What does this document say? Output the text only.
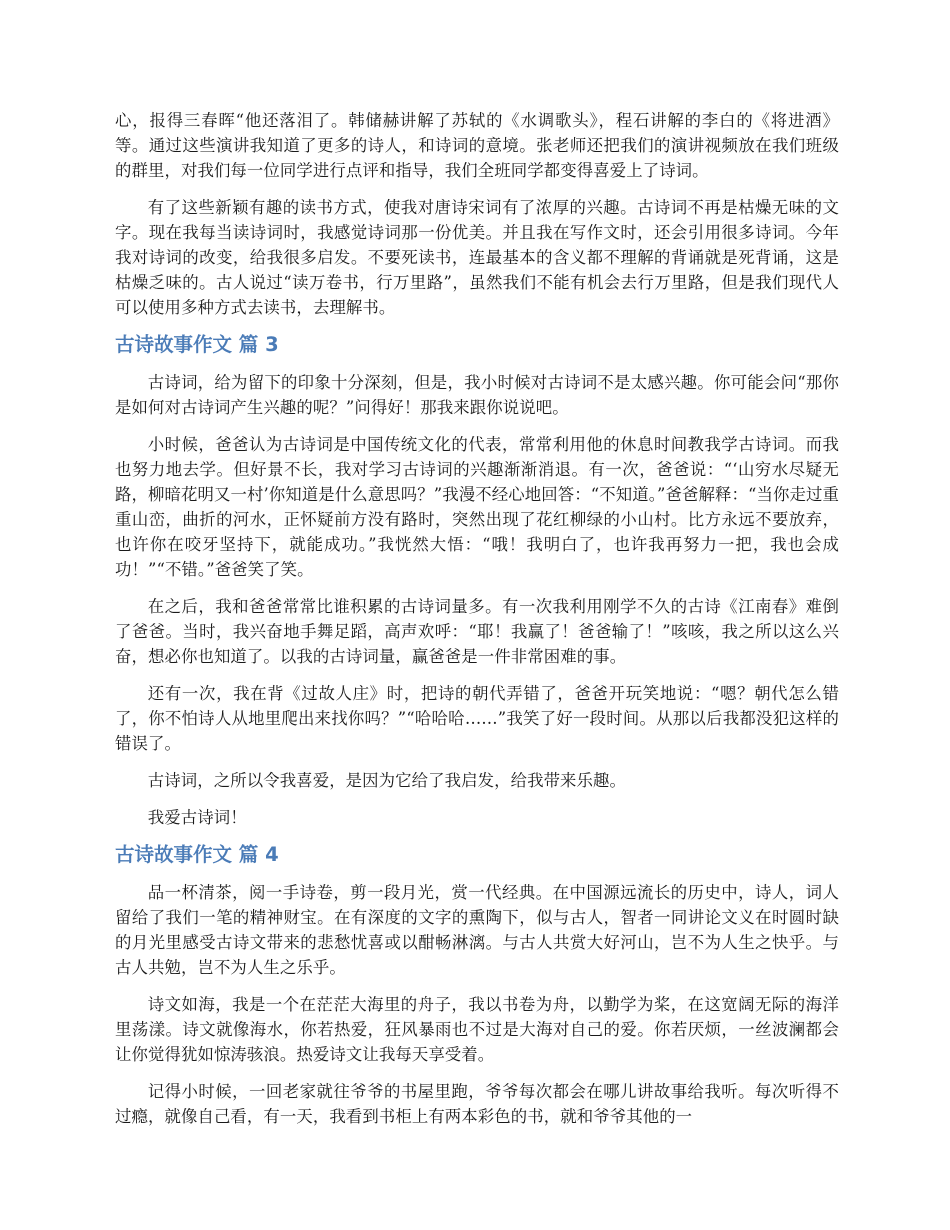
心，报得三春晖“他还落泪了。韩储赫讲解了苏轼的《水调歌头》，程石讲解的李白的《将进酒》等。通过这些演讲我知道了更多的诗人，和诗词的意境。张老师还把我们的演讲视频放在我们班级的群里，对我们每一位同学进行点评和指导，我们全班同学都变得喜爱上了诗词。

有了这些新颖有趣的读书方式，使我对唐诗宋词有了浓厚的兴趣。古诗词不再是枯燥无味的文字。现在我每当读诗词时，我感觉诗词那一份优美。并且我在写作文时，还会引用很多诗词。今年我对诗词的改变，给我很多启发。不要死读书，连最基本的含义都不理解的背诵就是死背诵，这是枯燥乏味的。古人说过“读万卷书，行万里路”，虽然我们不能有机会去行万里路，但是我们现代人可以使用多种方式去读书，去理解书。

古诗故事作文 篇 3

古诗词，给为留下的印象十分深刻，但是，我小时候对古诗词不是太感兴趣。你可能会问“那你是如何对古诗词产生兴趣的呢？”问得好！那我来跟你说说吧。

小时候，爸爸认为古诗词是中国传统文化的代表，常常利用他的休息时间教我学古诗词。而我也努力地去学。但好景不长，我对学习古诗词的兴趣渐渐消退。有一次，爸爸说：“‘山穷水尽疑无路，柳暗花明又一村’你知道是什么意思吗？”我漫不经心地回答：“不知道。”爸爸解释：“当你走过重重山峦，曲折的河水，正怀疑前方没有路时，突然出现了花红柳绿的小山村。比方永远不要放弃，也许你在咬牙坚持下，就能成功。”我恍然大悟：“哦！我明白了，也许我再努力一把，我也会成功！”“不错。”爸爸笑了笑。

在之后，我和爸爸常常比谁积累的古诗词量多。有一次我利用刚学不久的古诗《江南春》难倒了爸爸。当时，我兴奋地手舞足蹈，高声欢呼：“耶！我赢了！爸爸输了！”咳咳，我之所以这么兴奋，想必你也知道了。以我的古诗词量，赢爸爸是一件非常困难的事。

还有一次，我在背《过故人庄》时，把诗的朝代弄错了，爸爸开玩笑地说：“嗯？朝代怎么错了，你不怕诗人从地里爬出来找你吗？”“哈哈哈……”我笑了好一段时间。从那以后我都没犯这样的错误了。

古诗词，之所以令我喜爱，是因为它给了我启发，给我带来乐趣。

我爱古诗词！

古诗故事作文 篇 4

品一杯清茶，阅一手诗卷，剪一段月光，赏一代经典。在中国源远流长的历史中，诗人，词人留给了我们一笔的精神财宝。在有深度的文字的熏陶下，似与古人，智者一同讲论文义在时圆时缺的月光里感受古诗文带来的悲愁忧喜或以酣畅淋漓。与古人共赏大好河山，岂不为人生之快乎。与古人共勉，岂不为人生之乐乎。

诗文如海，我是一个在茫茫大海里的舟子，我以书卷为舟，以勤学为桨，在这宽阔无际的海洋里荡漾。诗文就像海水，你若热爱，狂风暴雨也不过是大海对自己的爱。你若厌烦，一丝波澜都会让你觉得犹如惊涛骇浪。热爱诗文让我每天享受着。

记得小时候，一回老家就往爷爷的书屋里跑，爷爷每次都会在哪儿讲故事给我听。每次听得不过瘾，就像自己看，有一天，我看到书柜上有两本彩色的书，就和爷爷其他的一
